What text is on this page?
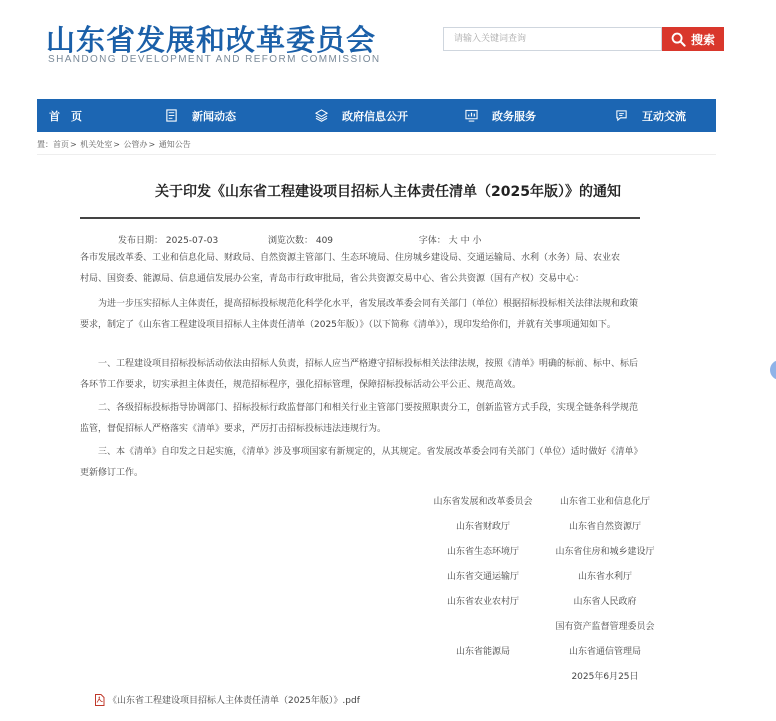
山东省发展和改革委员会
SHANDONG DEVELOPMENT AND REFORM COMMISSION
请输入关键词查询
搜索
首　页	新闻动态	政府信息公开	政务服务	互动交流
置：首页> 机关处室> 公管办> 通知公告
关于印发《山东省工程建设项目招标人主体责任清单（2025年版）》的通知
发布日期： 2025-07-03	浏览次数： 409	字体： 大 中 小

各市发展改革委、工业和信息化局、财政局、自然资源主管部门、生态环境局、住房城乡建设局、交通运输局、水利（水务）局、农业农

村局、国资委、能源局、信息通信发展办公室，青岛市行政审批局，省公共资源交易中心、省公共资源（国有产权）交易中心：

为进一步压实招标人主体责任，提高招标投标规范化科学化水平，省发展改革委会同有关部门（单位）根据招标投标相关法律法规和政策要求，制定了《山东省工程建设项目招标人主体责任清单（2025年版）》（以下简称《清单》），现印发给你们，并就有关事项通知如下。

一、工程建设项目招标投标活动依法由招标人负责，招标人应当严格遵守招标投标相关法律法规，按照《清单》明确的标前、标中、标后各环节工作要求，切实承担主体责任，规范招标程序，强化招标管理，保障招标投标活动公平公正、规范高效。

二、各级招标投标指导协调部门、招标投标行政监督部门和相关行业主管部门要按照职责分工，创新监管方式手段，实现全链条科学规范监管，督促招标人严格落实《清单》要求，严厉打击招标投标违法违规行为。

三、本《清单》自印发之日起实施，《清单》涉及事项国家有新规定的，从其规定。省发展改革委会同有关部门（单位）适时做好《清单》更新修订工作。

山东省发展和改革委员会	山东省工业和信息化厅
山东省财政厅	山东省自然资源厅
山东省生态环境厅	山东省住房和城乡建设厅
山东省交通运输厅	山东省水利厅
山东省农业农村厅	山东省人民政府
国有资产监督管理委员会
山东省能源局	山东省通信管理局
2025年6月25日
《山东省工程建设项目招标人主体责任清单（2025年版）》.pdf
